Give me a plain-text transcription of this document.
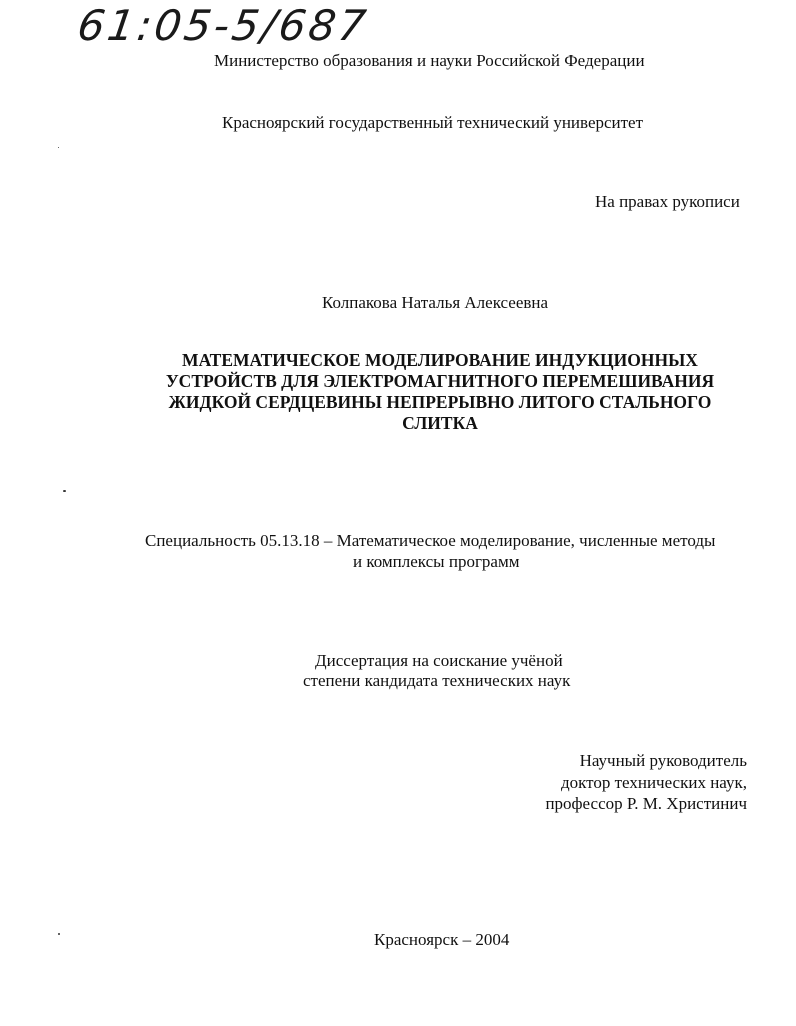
61:05-5/687
Министерство образования и науки Российской Федерации
Красноярский государственный технический университет
На правах рукописи
Колпакова Наталья Алексеевна
МАТЕМАТИЧЕСКОЕ МОДЕЛИРОВАНИЕ ИНДУКЦИОННЫХ
УСТРОЙСТВ ДЛЯ ЭЛЕКТРОМАГНИТНОГО ПЕРЕМЕШИВАНИЯ
ЖИДКОЙ СЕРДЦЕВИНЫ НЕПРЕРЫВНО ЛИТОГО СТАЛЬНОГО
СЛИТКА
Специальность 05.13.18 – Математическое моделирование, численные методы
и комплексы программ
Диссертация на соискание учёной
степени кандидата технических наук
Научный руководитель
доктор технических наук,
профессор Р. М. Христинич
Красноярск – 2004
